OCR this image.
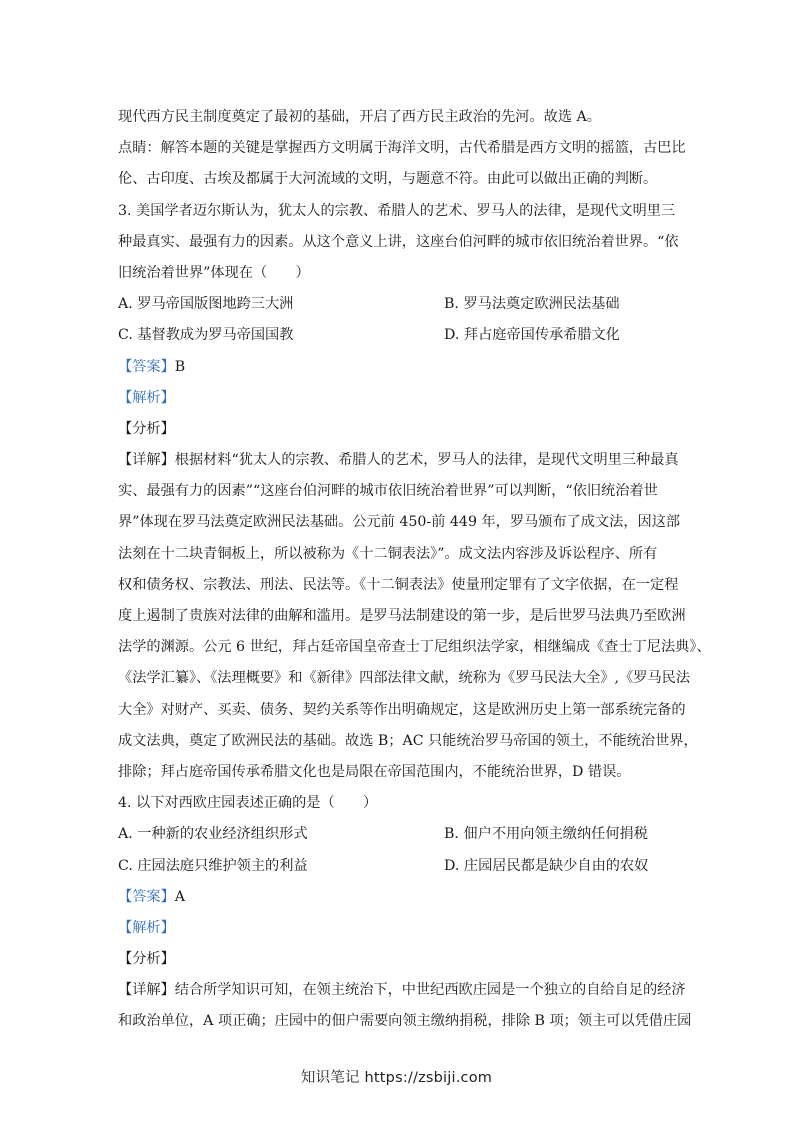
现代西方民主制度奠定了最初的基础，开启了西方民主政治的先河。故选 A。
点睛：解答本题的关键是掌握西方文明属于海洋文明，古代希腊是西方文明的摇篮，古巴比
伦、古印度、古埃及都属于大河流域的文明，与题意不符。由此可以做出正确的判断。
3. 美国学者迈尔斯认为，犹太人的宗教、希腊人的艺术、罗马人的法律，是现代文明里三
种最真实、最强有力的因素。从这个意义上讲，这座台伯河畔的城市依旧统治着世界。“依
旧统治着世界”体现在（　　）
A. 罗马帝国版图地跨三大洲	B. 罗马法奠定欧洲民法基础
C. 基督教成为罗马帝国国教	D. 拜占庭帝国传承希腊文化
【答案】B
【解析】
【分析】
【详解】根据材料“犹太人的宗教、希腊人的艺术，罗马人的法律，是现代文明里三种最真
实、最强有力的因素”“这座台伯河畔的城市依旧统治着世界”可以判断，“依旧统治着世
界”体现在罗马法奠定欧洲民法基础。公元前 450-前 449 年，罗马颁布了成文法，因这部
法刻在十二块青铜板上，所以被称为《十二铜表法》”。成文法内容涉及诉讼程序、所有
权和债务权、宗教法、刑法、民法等。《十二铜表法》使量刑定罪有了文字依据，在一定程
度上遏制了贵族对法律的曲解和滥用。是罗马法制建设的第一步，是后世罗马法典乃至欧洲
法学的渊源。公元 6 世纪，拜占廷帝国皇帝查士丁尼组织法学家，相继编成《查士丁尼法典》、
《法学汇纂》、《法理概要》和《新律》四部法律文献，统称为《罗马民法大全》,《罗马民法
大全》对财产、买卖、债务、契约关系等作出明确规定，这是欧洲历史上第一部系统完备的
成文法典，奠定了欧洲民法的基础。故选 B；AC 只能统治罗马帝国的领土，不能统治世界，
排除；拜占庭帝国传承希腊文化也是局限在帝国范围内，不能统治世界，D 错误。
4. 以下对西欧庄园表述正确的是（　　）
A. 一种新的农业经济组织形式	B. 佃户不用向领主缴纳任何捐税
C. 庄园法庭只维护领主的利益	D. 庄园居民都是缺少自由的农奴
【答案】A
【解析】
【分析】
【详解】结合所学知识可知，在领主统治下，中世纪西欧庄园是一个独立的自给自足的经济
和政治单位，A 项正确；庄园中的佃户需要向领主缴纳捐税，排除 B 项；领主可以凭借庄园
知识笔记 https://zsbiji.com
